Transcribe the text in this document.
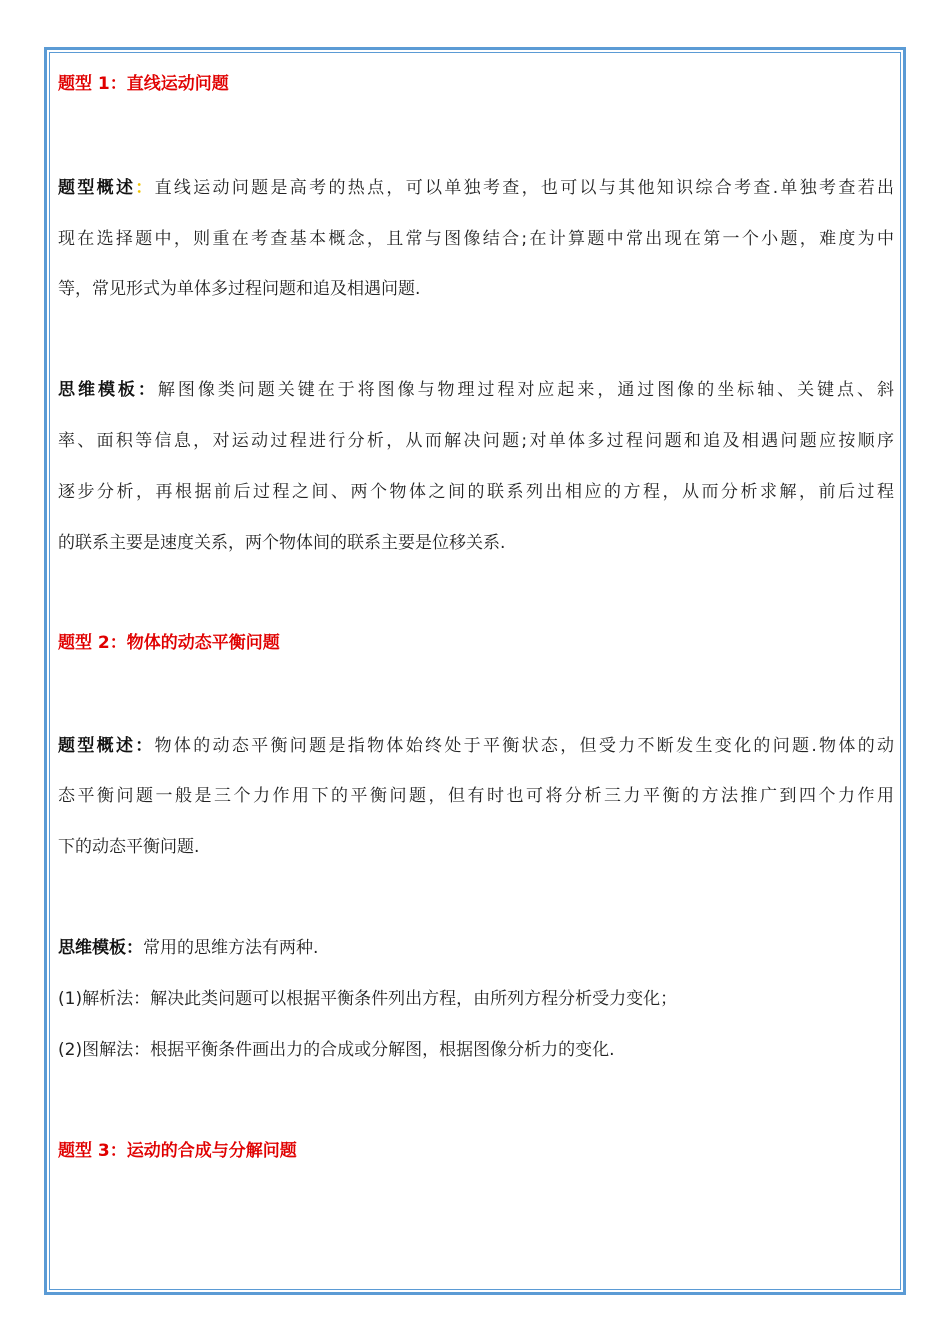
题型 1：直线运动问题
题型概述：直线运动问题是高考的热点，可以单独考查，也可以与其他知识综合考查.单独考查若出
现在选择题中，则重在考查基本概念，且常与图像结合;在计算题中常出现在第一个小题，难度为中
等，常见形式为单体多过程问题和追及相遇问题.
思维模板：解图像类问题关键在于将图像与物理过程对应起来，通过图像的坐标轴、关键点、斜
率、面积等信息，对运动过程进行分析，从而解决问题;对单体多过程问题和追及相遇问题应按顺序
逐步分析，再根据前后过程之间、两个物体之间的联系列出相应的方程，从而分析求解，前后过程
的联系主要是速度关系，两个物体间的联系主要是位移关系.
题型 2：物体的动态平衡问题
题型概述：物体的动态平衡问题是指物体始终处于平衡状态，但受力不断发生变化的问题.物体的动
态平衡问题一般是三个力作用下的平衡问题，但有时也可将分析三力平衡的方法推广到四个力作用
下的动态平衡问题.
思维模板：常用的思维方法有两种.
(1)解析法：解决此类问题可以根据平衡条件列出方程，由所列方程分析受力变化；
(2)图解法：根据平衡条件画出力的合成或分解图，根据图像分析力的变化.
题型 3：运动的合成与分解问题
